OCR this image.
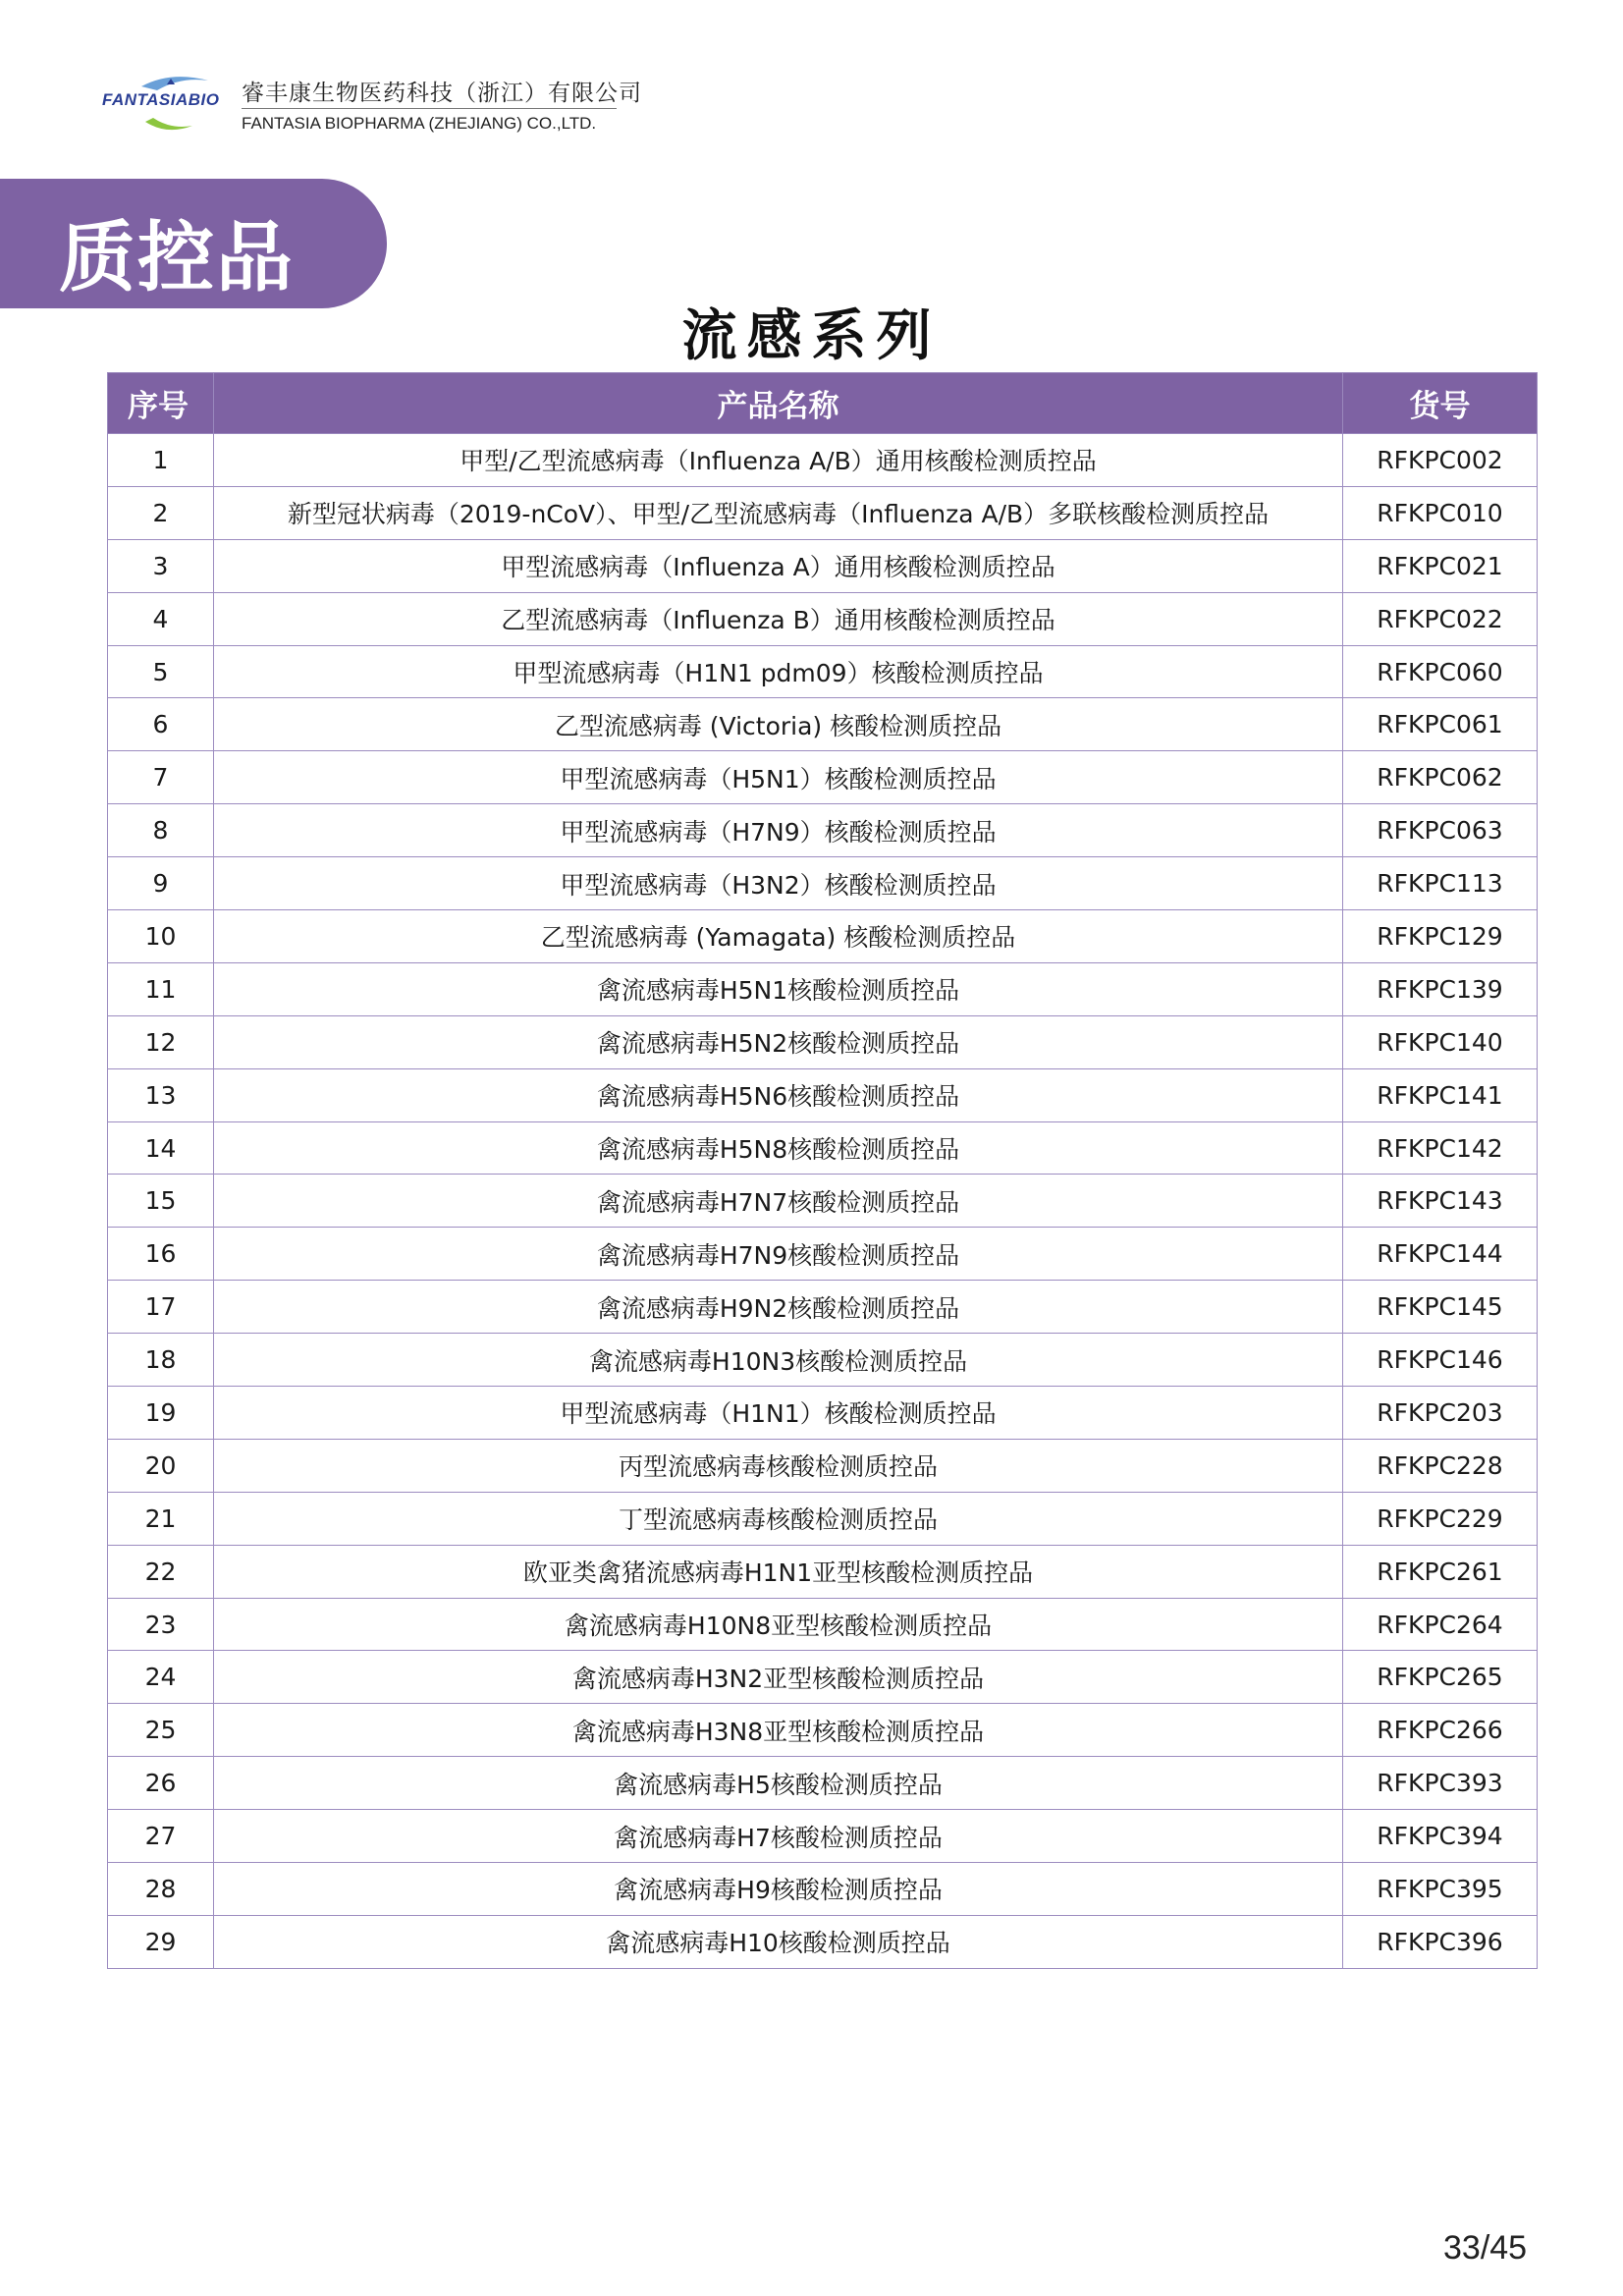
FANTASIABIO 睿丰康生物医药科技（浙江）有限公司
FANTASIA BIOPHARMA (ZHEJIANG) CO.,LTD.
质控品
流感系列
序号	产品名称	货号
1	甲型/乙型流感病毒（Influenza A/B）通用核酸检测质控品	RFKPC002
2	新型冠状病毒（2019-nCoV）、甲型/乙型流感病毒（Influenza A/B）多联核酸检测质控品	RFKPC010
3	甲型流感病毒（Influenza A）通用核酸检测质控品	RFKPC021
4	乙型流感病毒（Influenza B）通用核酸检测质控品	RFKPC022
5	甲型流感病毒（H1N1 pdm09）核酸检测质控品	RFKPC060
6	乙型流感病毒 (Victoria) 核酸检测质控品	RFKPC061
7	甲型流感病毒（H5N1）核酸检测质控品	RFKPC062
8	甲型流感病毒（H7N9）核酸检测质控品	RFKPC063
9	甲型流感病毒（H3N2）核酸检测质控品	RFKPC113
10	乙型流感病毒 (Yamagata) 核酸检测质控品	RFKPC129
11	禽流感病毒H5N1核酸检测质控品	RFKPC139
12	禽流感病毒H5N2核酸检测质控品	RFKPC140
13	禽流感病毒H5N6核酸检测质控品	RFKPC141
14	禽流感病毒H5N8核酸检测质控品	RFKPC142
15	禽流感病毒H7N7核酸检测质控品	RFKPC143
16	禽流感病毒H7N9核酸检测质控品	RFKPC144
17	禽流感病毒H9N2核酸检测质控品	RFKPC145
18	禽流感病毒H10N3核酸检测质控品	RFKPC146
19	甲型流感病毒（H1N1）核酸检测质控品	RFKPC203
20	丙型流感病毒核酸检测质控品	RFKPC228
21	丁型流感病毒核酸检测质控品	RFKPC229
22	欧亚类禽猪流感病毒H1N1亚型核酸检测质控品	RFKPC261
23	禽流感病毒H10N8亚型核酸检测质控品	RFKPC264
24	禽流感病毒H3N2亚型核酸检测质控品	RFKPC265
25	禽流感病毒H3N8亚型核酸检测质控品	RFKPC266
26	禽流感病毒H5核酸检测质控品	RFKPC393
27	禽流感病毒H7核酸检测质控品	RFKPC394
28	禽流感病毒H9核酸检测质控品	RFKPC395
29	禽流感病毒H10核酸检测质控品	RFKPC396
33/45
